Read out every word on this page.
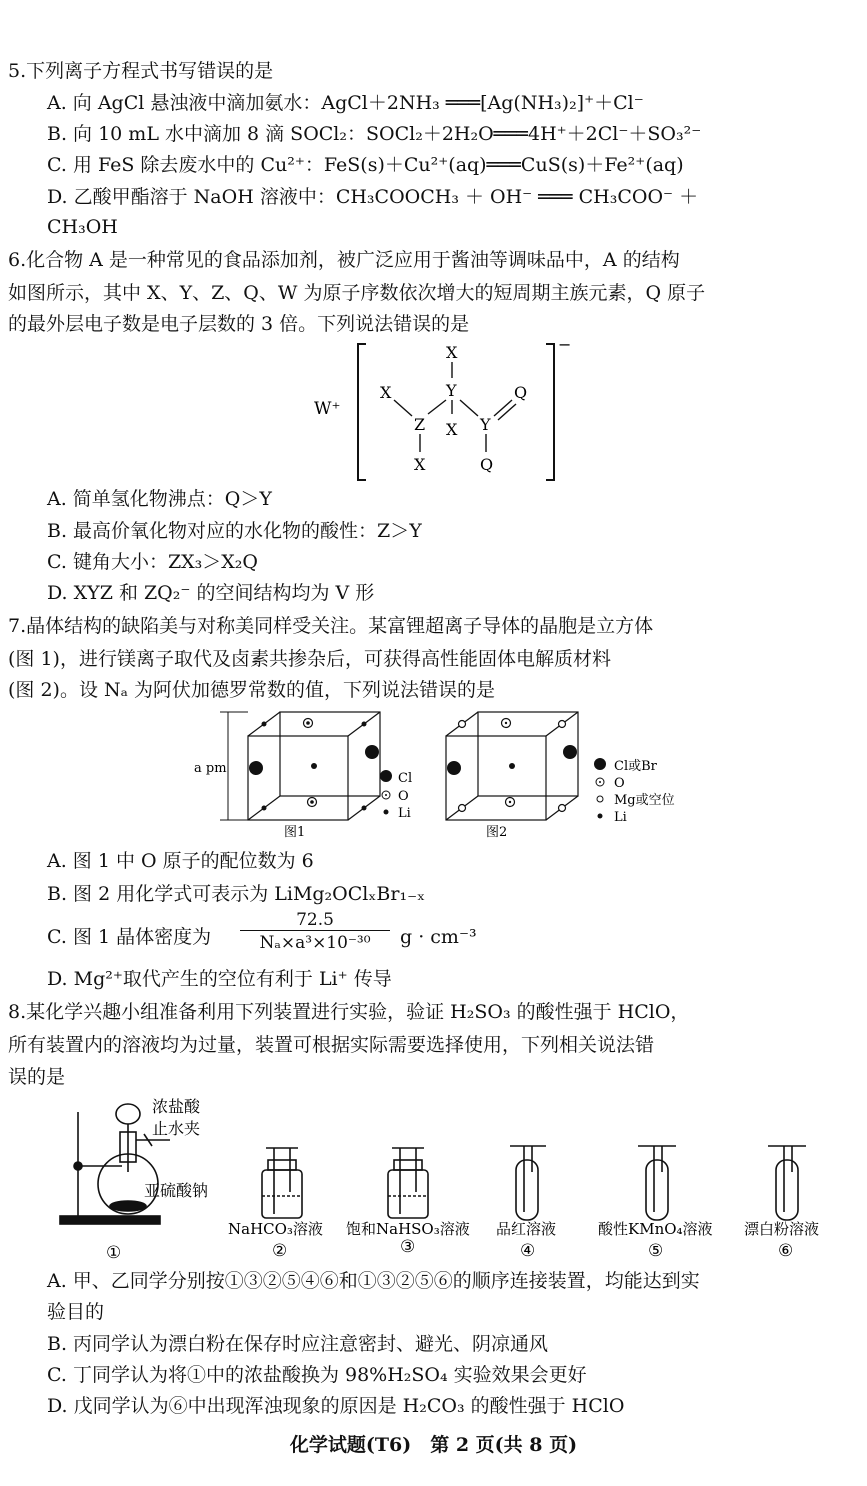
5.下列离子方程式书写错误的是
A. 向 AgCl 悬浊液中滴加氨水：AgCl＋2NH₃ ═══[Ag(NH₃)₂]⁺＋Cl⁻
B. 向 10 mL 水中滴加 8 滴 SOCl₂：SOCl₂＋2H₂O═══4H⁺＋2Cl⁻＋SO₃²⁻
C. 用 FeS 除去废水中的 Cu²⁺：FeS(s)＋Cu²⁺(aq)═══CuS(s)＋Fe²⁺(aq)
D. 乙酸甲酯溶于 NaOH 溶液中：CH₃COOCH₃ ＋ OH⁻ ═══ CH₃COO⁻ ＋
CH₃OH
6.化合物 A 是一种常见的食品添加剂，被广泛应用于酱油等调味品中，A 的结构
如图所示，其中 X、Y、Z、Q、W 为原子序数依次增大的短周期主族元素，Q 原子
的最外层电子数是电子层数的 3 倍。下列说法错误的是
W⁺
−
X
Y
X
Z
X
X Y
Q
Q
A. 简单氢化物沸点：Q＞Y
B. 最高价氧化物对应的水化物的酸性：Z＞Y
C. 键角大小：ZX₃＞X₂Q
D. XYZ 和 ZQ₂⁻ 的空间结构均为 V 形
7.晶体结构的缺陷美与对称美同样受关注。某富锂超离子导体的晶胞是立方体
(图 1)，进行镁离子取代及卤素共掺杂后，可获得高性能固体电解质材料
(图 2)。设 Nₐ 为阿伏加德罗常数的值，下列说法错误的是
a pm
Cl
O
Li
图1
Cl或Br
O
Mg或空位
Li
图2
A. 图 1 中 O 原子的配位数为 6
B. 图 2 用化学式可表示为 LiMg₂OClₓBr₁₋ₓ
C. 图 1 晶体密度为
72.5
Nₐ×a³×10⁻³⁰	g · cm⁻³
D. Mg²⁺取代产生的空位有利于 Li⁺ 传导
8.某化学兴趣小组准备利用下列装置进行实验，验证 H₂SO₃ 的酸性强于 HClO，
所有装置内的溶液均为过量，装置可根据实际需要选择使用，下列相关说法错
误的是
浓盐酸
止水夹
亚硫酸钠
①
NaHCO₃溶液
②
饱和NaHSO₃溶液
③
品红溶液
④
酸性KMnO₄溶液
⑤
漂白粉溶液
⑥
A. 甲、乙同学分别按①③②⑤④⑥和①③②⑤⑥的顺序连接装置，均能达到实
验目的
B. 丙同学认为漂白粉在保存时应注意密封、避光、阴凉通风
C. 丁同学认为将①中的浓盐酸换为 98%H₂SO₄ 实验效果会更好
D. 戊同学认为⑥中出现浑浊现象的原因是 H₂CO₃ 的酸性强于 HClO
化学试题(T6)　第 2 页(共 8 页)
